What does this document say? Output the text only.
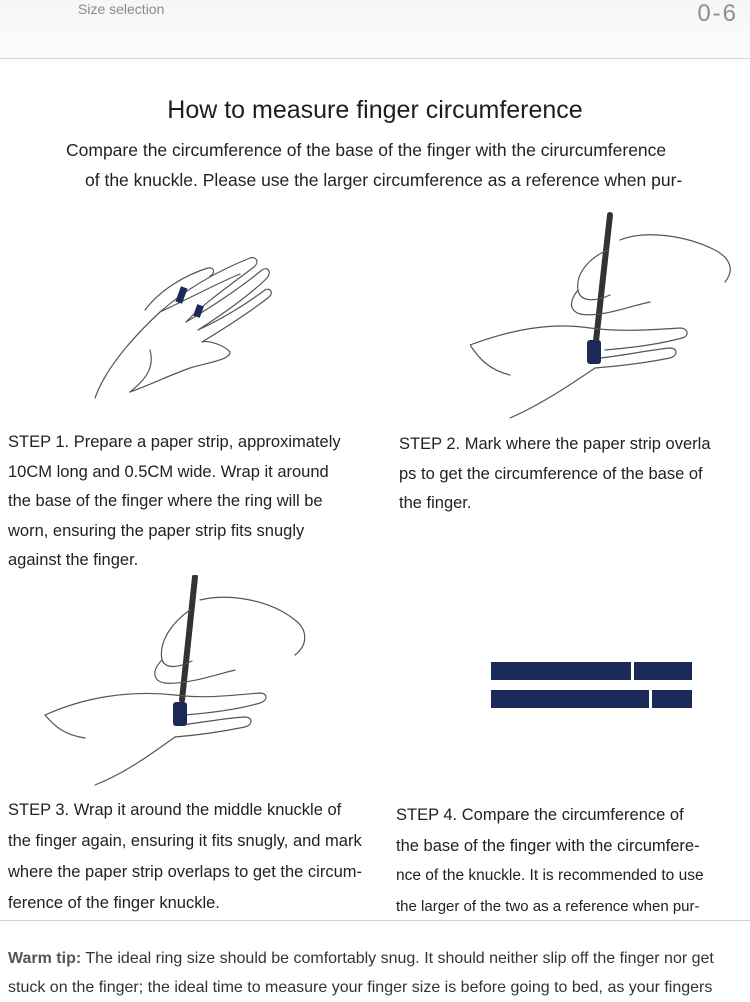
Size selection	0-6
How to measure finger circumference
Compare the circumference of the base of the finger with the cirurcumference
of the knuckle. Please use the larger circumference as a reference when pur-
STEP 1. Prepare a paper strip, approximately
10CM long and 0.5CM wide. Wrap it around
the base of the finger where the ring will be
worn, ensuring the paper strip fits snugly
against the finger.
STEP 2. Mark where the paper strip overla
ps to get the circumference of the base of
the finger.
STEP 3. Wrap it around the middle knuckle of
the finger again, ensuring it fits snugly, and mark
where the paper strip overlaps to get the circum-
ference of the finger knuckle.
STEP 4. Compare the circumference of
the base of the finger with the circumfere-
nce of the knuckle. It is recommended to use
the larger of the two as a reference when pur-
Warm tip: The ideal ring size should be comfortably snug. It should neither slip off the finger nor get
stuck on the finger; the ideal time to measure your finger size is before going to bed, as your fingers
